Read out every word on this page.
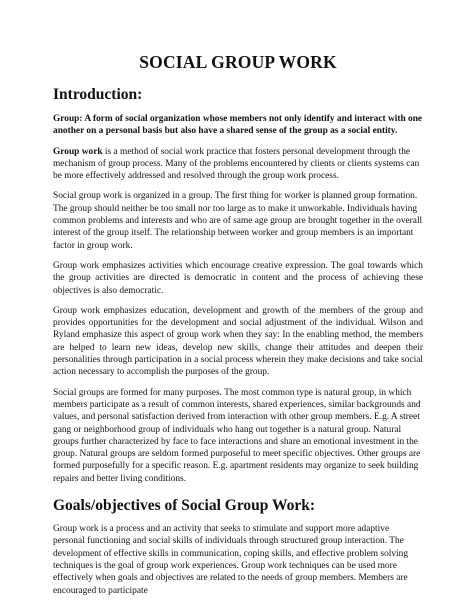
SOCIAL GROUP WORK
Introduction:

Group: A form of social organization whose members not only identify and interact with one another on a personal basis but also have a shared sense of the group as a social entity.

Group work is a method of social work practice that fosters personal development through the mechanism of group process. Many of the problems encountered by clients or clients systems can be more effectively addressed and resolved through the group work process.

Social group work is organized in a group. The first thing for worker is planned group formation. The group should neither be too small nor too large as to make it unworkable. Individuals having common problems and interests and who are of same age group are brought together in the overall interest of the group itself. The relationship between worker and group members is an important factor in group work.

Group work emphasizes activities which encourage creative expression. The goal towards which the group activities are directed is democratic in content and the process of achieving these objectives is also democratic.

Group work emphasizes education, development and growth of the members of the group and provides opportunities for the development and social adjustment of the individual. Wilson and Ryland emphasize this aspect of group work when they say: In the enabling method, the members are helped to learn new ideas, develop new skills, change their attitudes and deepen their personalities through participation in a social process wherein they make decisions and take social action necessary to accomplish the purposes of the group.

Social groups are formed for many purposes. The most common type is natural group, in which members participate as a result of common interests, shared experiences, similar backgrounds and values, and personal satisfaction derived from interaction with other group members. E.g. A street gang or neighborhood group of individuals who hang out together is a natural group. Natural groups further characterized by face to face interactions and share an emotional investment in the group. Natural groups are seldom formed purposeful to meet specific objectives. Other groups are formed purposefully for a specific reason. E.g. apartment residents may organize to seek building repairs and better living conditions.

Goals/objectives of Social Group Work:

Group work is a process and an activity that seeks to stimulate and support more adaptive personal functioning and social skills of individuals through structured group interaction. The development of effective skills in communication, coping skills, and effective problem solving techniques is the goal of group work experiences. Group work techniques can be used more effectively when goals and objectives are related to the needs of group members. Members are encouraged to participate
